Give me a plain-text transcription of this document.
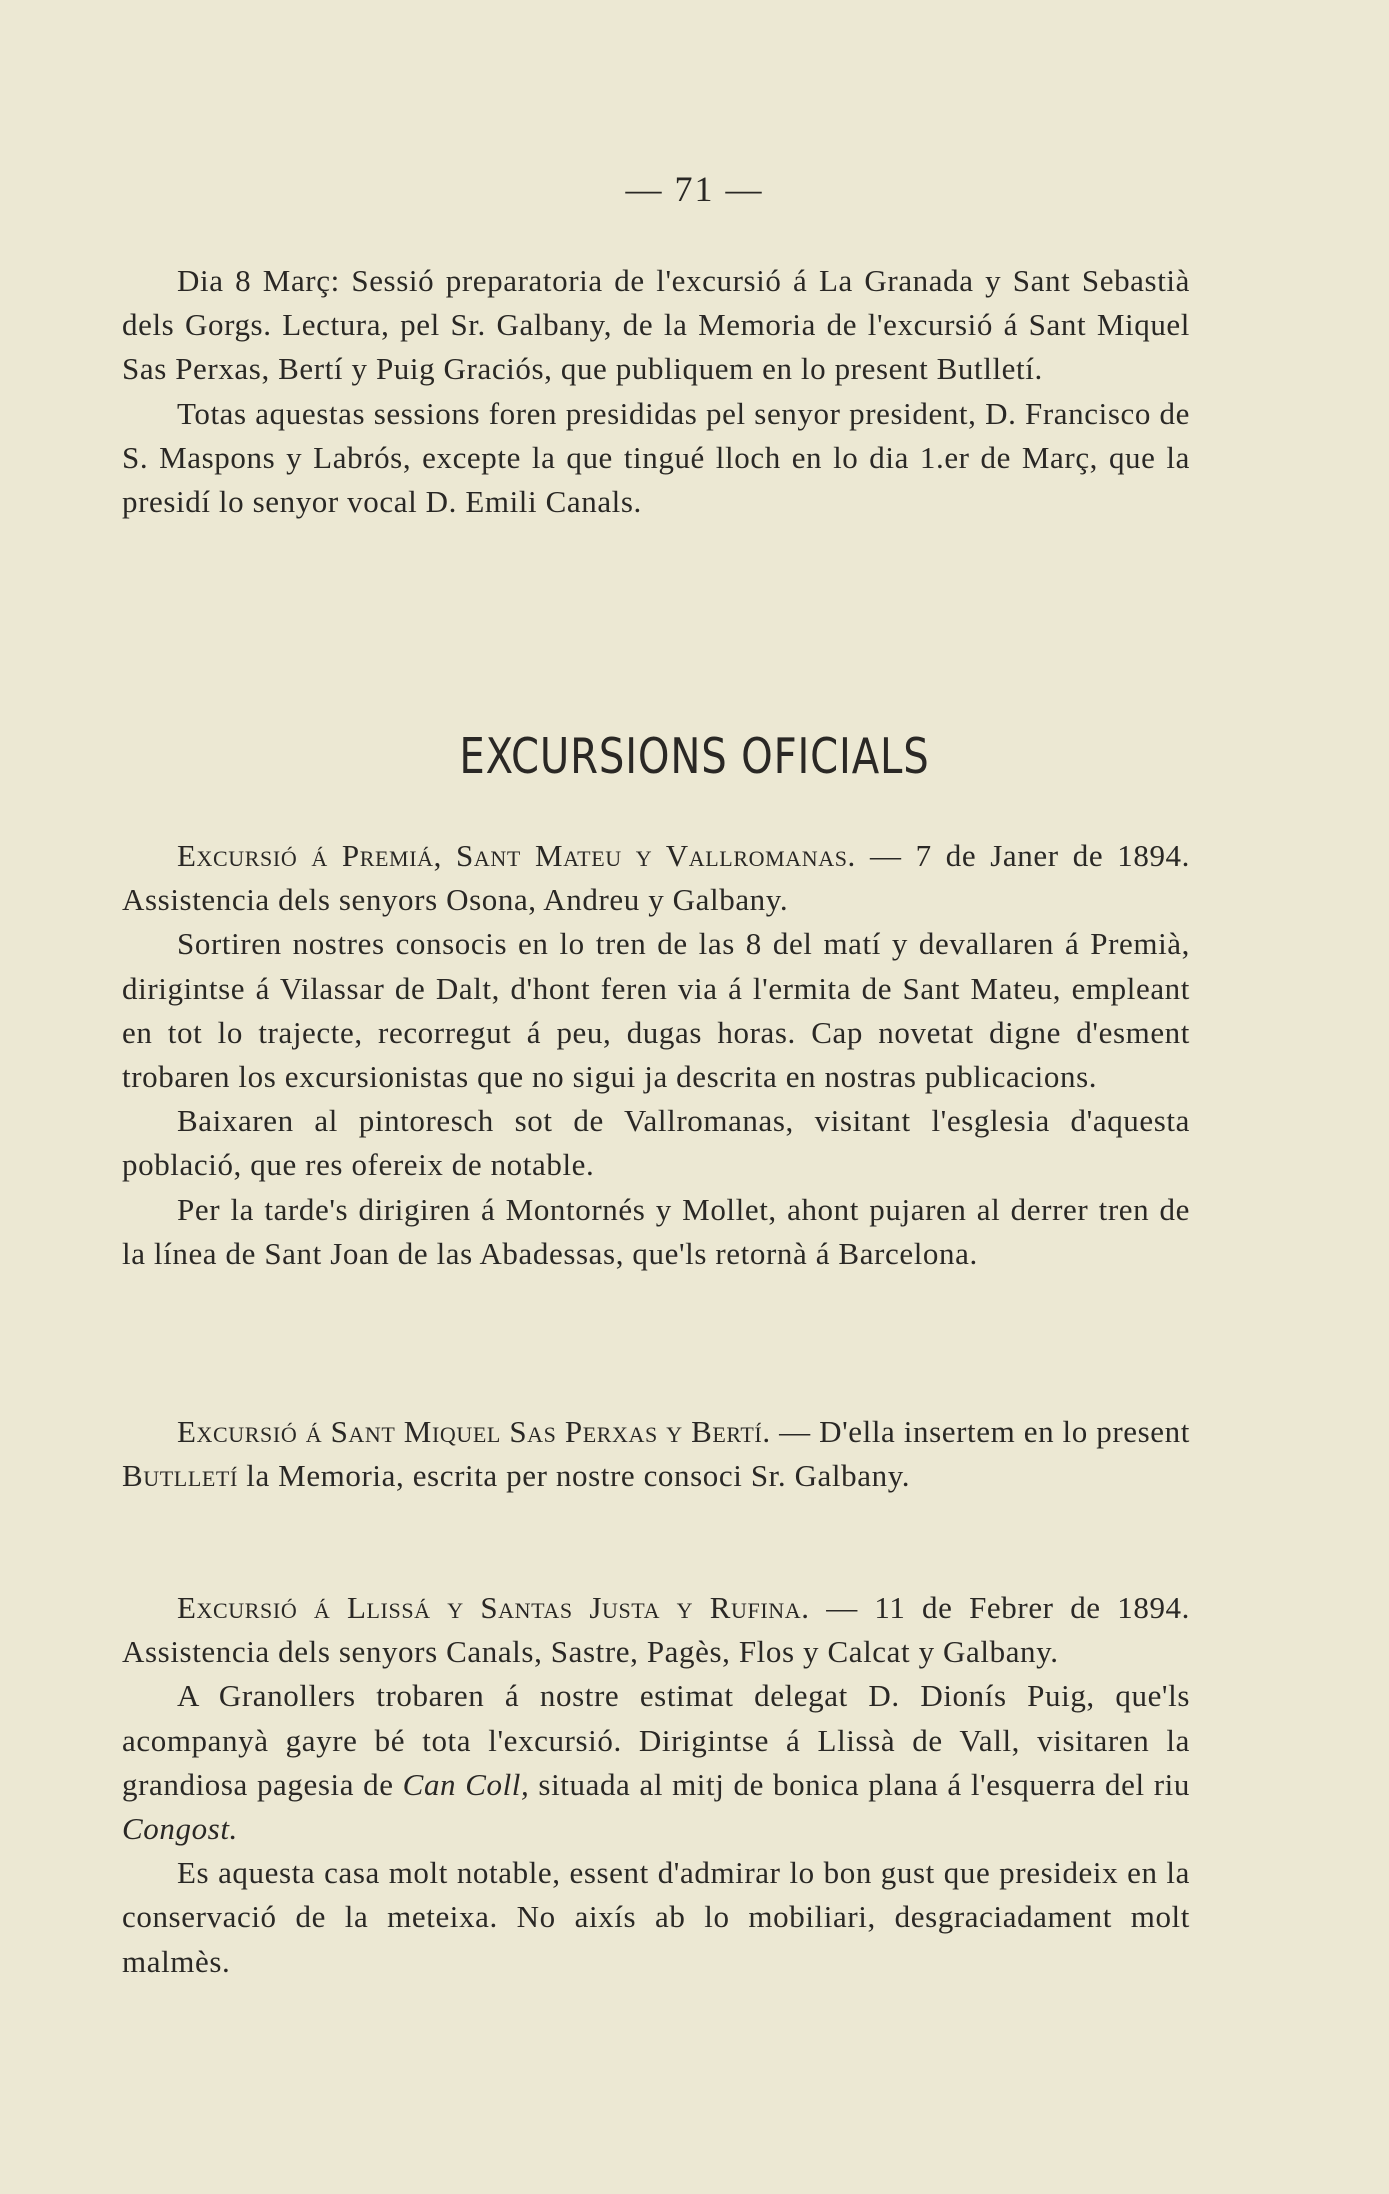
— 71 —

Dia 8 Març: Sessió preparatoria de l'excursió á La Granada y Sant Sebastià dels Gorgs. Lectura, pel Sr. Galbany, de la Memoria de l'excursió á Sant Miquel Sas Perxas, Bertí y Puig Graciós, que publiquem en lo present Butlletí.

Totas aquestas sessions foren presididas pel senyor president, D. Francisco de S. Maspons y Labrós, excepte la que tingué lloch en lo dia 1.er de Març, que la presidí lo senyor vocal D. Emili Canals.

EXCURSIONS OFICIALS

Excursió á Premiá, Sant Mateu y Vallromanas. — 7 de Janer de 1894. Assistencia dels senyors Osona, Andreu y Galbany.

Sortiren nostres consocis en lo tren de las 8 del matí y devallaren á Premià, dirigintse á Vilassar de Dalt, d'hont feren via á l'ermita de Sant Mateu, empleant en tot lo trajecte, recorregut á peu, dugas horas. Cap novetat digne d'esment trobaren los excursionistas que no sigui ja descrita en nostras publicacions.

Baixaren al pintoresch sot de Vallromanas, visitant l'esglesia d'aquesta població, que res ofereix de notable.

Per la tarde's dirigiren á Montornés y Mollet, ahont pujaren al derrer tren de la línea de Sant Joan de las Abadessas, que'ls retornà á Barcelona.

Excursió á Sant Miquel Sas Perxas y Bertí. — D'ella insertem en lo present Butlletí la Memoria, escrita per nostre consoci Sr. Galbany.

Excursió á Llissá y Santas Justa y Rufina. — 11 de Febrer de 1894. Assistencia dels senyors Canals, Sastre, Pagès, Flos y Calcat y Galbany.

A Granollers trobaren á nostre estimat delegat D. Dionís Puig, que'ls acompanyà gayre bé tota l'excursió. Dirigintse á Llissà de Vall, visitaren la grandiosa pagesia de Can Coll, situada al mitj de bonica plana á l'esquerra del riu Congost.

Es aquesta casa molt notable, essent d'admirar lo bon gust que presideix en la conservació de la meteixa. No aixís ab lo mobiliari, desgraciadament molt malmès.
